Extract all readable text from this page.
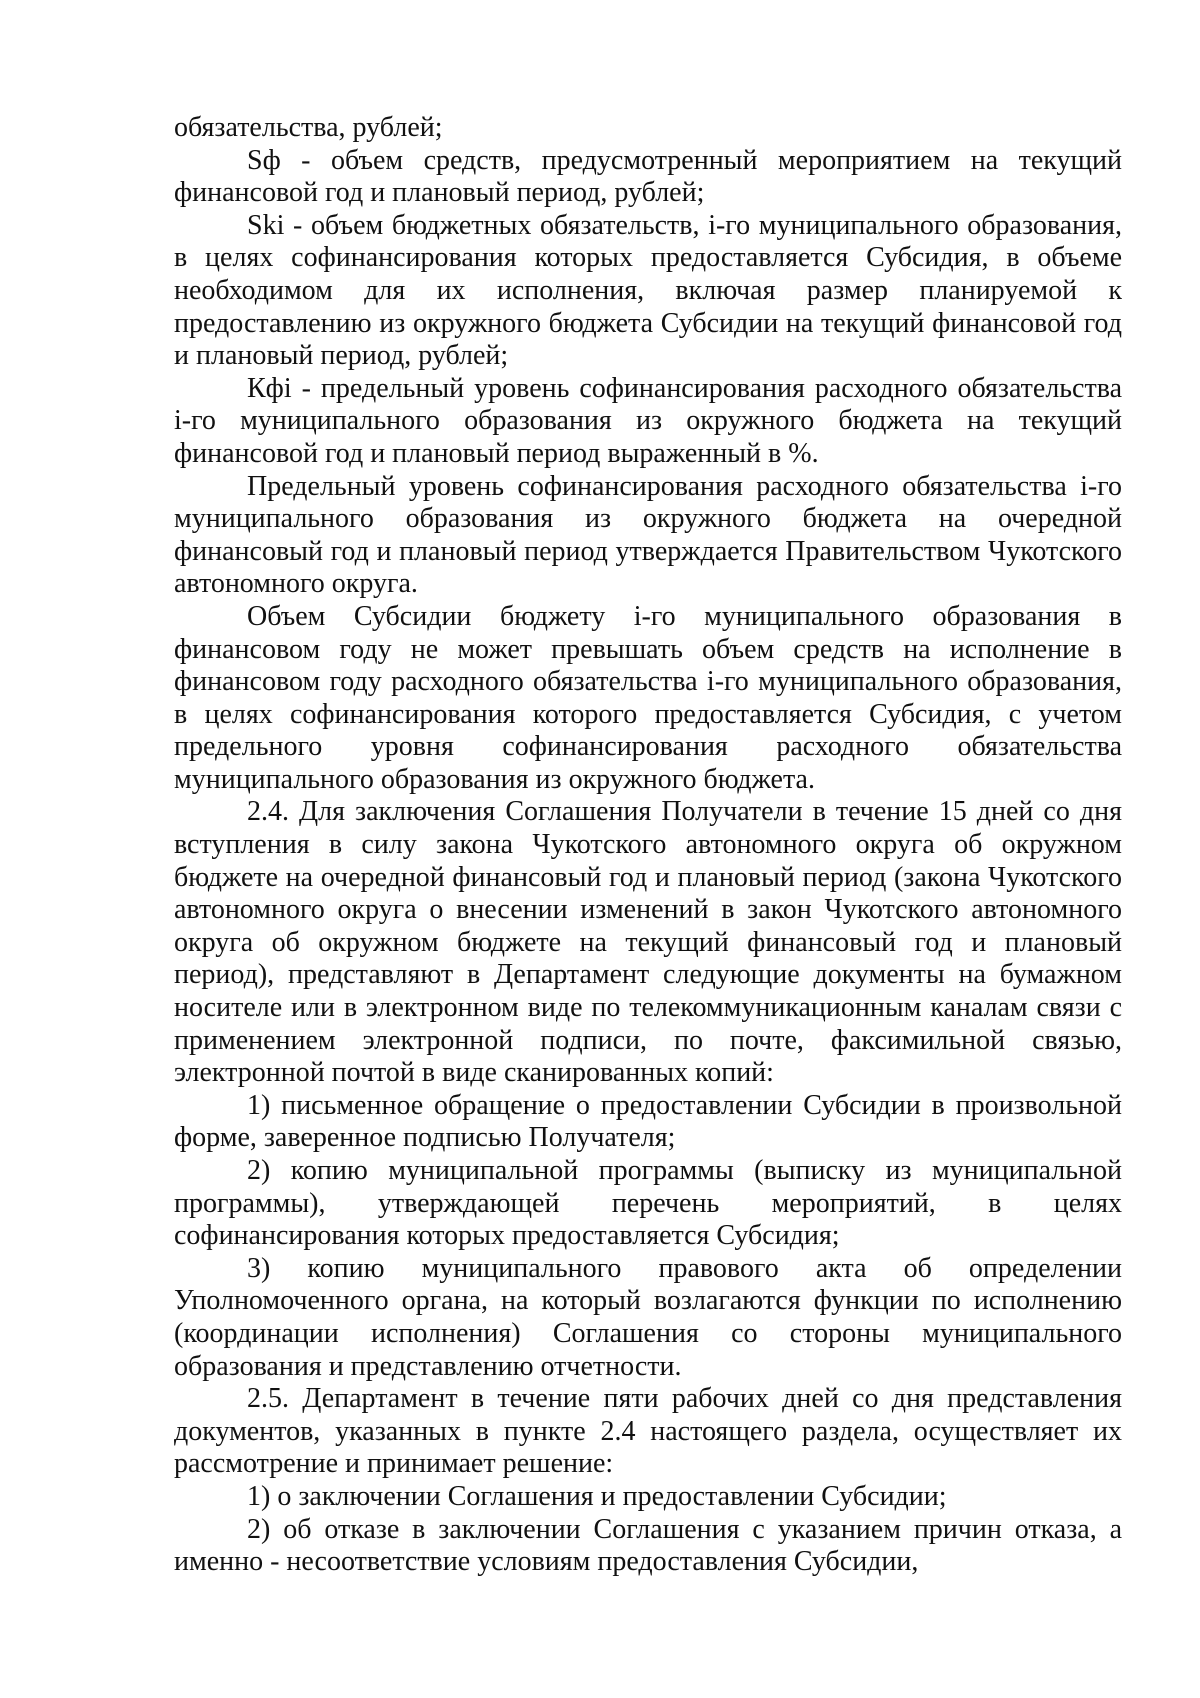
обязательства, рублей;

Sф - объем средств, предусмотренный мероприятием на текущий финансовой год и плановый период, рублей;

Ski - объем бюджетных обязательств, i-го муниципального образования, в целях софинансирования которых предоставляется Субсидия, в объеме необходимом для их исполнения, включая размер планируемой к предоставлению из окружного бюджета Субсидии на текущий финансовой год и плановый период, рублей;

Кфi - предельный уровень софинансирования расходного обязательства i-го муниципального образования из окружного бюджета на текущий финансовой год и плановый период выраженный в %.

Предельный уровень софинансирования расходного обязательства i-го муниципального образования из окружного бюджета на очередной финансовый год и плановый период утверждается Правительством Чукотского автономного округа.

Объем Субсидии бюджету i-го муниципального образования в финансовом году не может превышать объем средств на исполнение в финансовом году расходного обязательства i-го муниципального образования, в целях софинансирования которого предоставляется Субсидия, с учетом предельного уровня софинансирования расходного обязательства муниципального образования из окружного бюджета.

2.4. Для заключения Соглашения Получатели в течение 15 дней со дня вступления в силу закона Чукотского автономного округа об окружном бюджете на очередной финансовый год и плановый период (закона Чукотского автономного округа о внесении изменений в закон Чукотского автономного округа об окружном бюджете на текущий финансовый год и плановый период), представляют в Департамент следующие документы на бумажном носителе или в электронном виде по телекоммуникационным каналам связи с применением электронной подписи, по почте, факсимильной связью, электронной почтой в виде сканированных копий:

1) письменное обращение о предоставлении Субсидии в произвольной форме, заверенное подписью Получателя;

2) копию муниципальной программы (выписку из муниципальной программы), утверждающей перечень мероприятий, в целях софинансирования которых предоставляется Субсидия;

3) копию муниципального правового акта об определении Уполномоченного органа, на который возлагаются функции по исполнению (координации исполнения) Соглашения со стороны муниципального образования и представлению отчетности.

2.5. Департамент в течение пяти рабочих дней со дня представления документов, указанных в пункте 2.4 настоящего раздела, осуществляет их рассмотрение и принимает решение:

1) о заключении Соглашения и предоставлении Субсидии;

2) об отказе в заключении Соглашения с указанием причин отказа, а именно - несоответствие условиям предоставления Субсидии,
